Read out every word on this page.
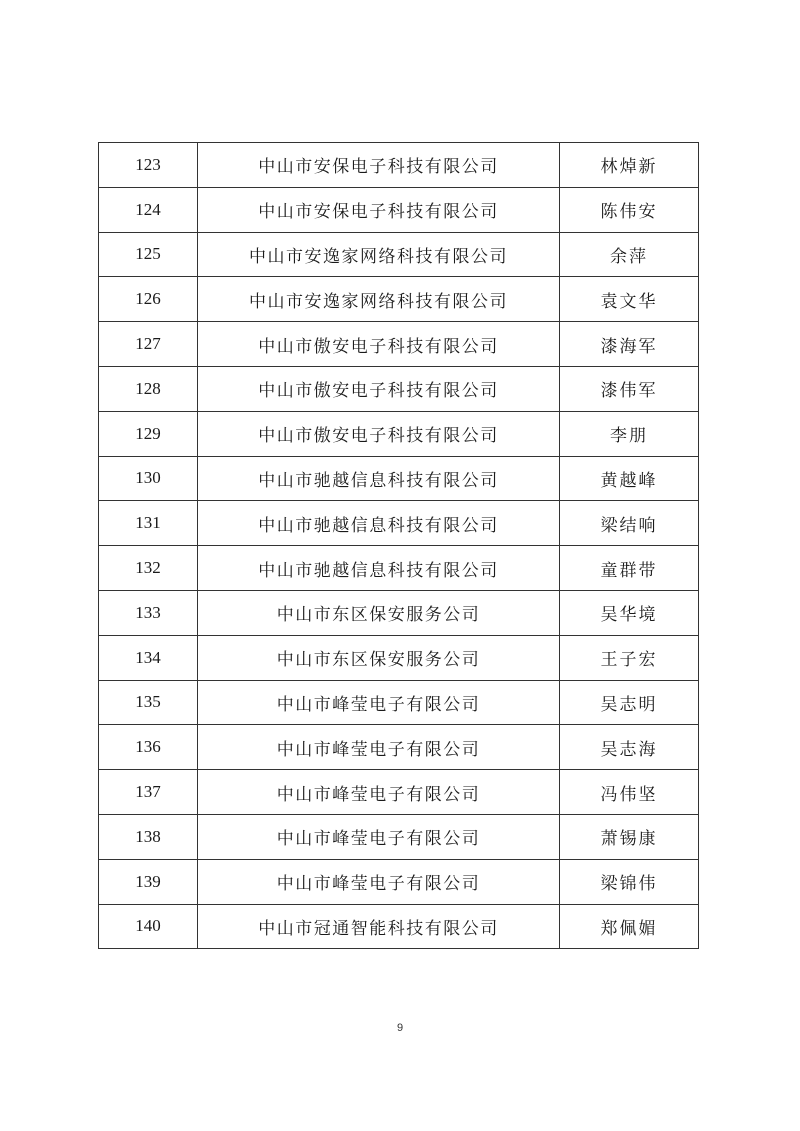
123	中山市安保电子科技有限公司	林焯新
124	中山市安保电子科技有限公司	陈伟安
125	中山市安逸家网络科技有限公司	余萍
126	中山市安逸家网络科技有限公司	袁文华
127	中山市傲安电子科技有限公司	漆海军
128	中山市傲安电子科技有限公司	漆伟军
129	中山市傲安电子科技有限公司	李朋
130	中山市驰越信息科技有限公司	黄越峰
131	中山市驰越信息科技有限公司	梁结响
132	中山市驰越信息科技有限公司	童群带
133	中山市东区保安服务公司	吴华境
134	中山市东区保安服务公司	王子宏
135	中山市峰莹电子有限公司	吴志明
136	中山市峰莹电子有限公司	吴志海
137	中山市峰莹电子有限公司	冯伟坚
138	中山市峰莹电子有限公司	萧锡康
139	中山市峰莹电子有限公司	梁锦伟
140	中山市冠通智能科技有限公司	郑佩媚
9
